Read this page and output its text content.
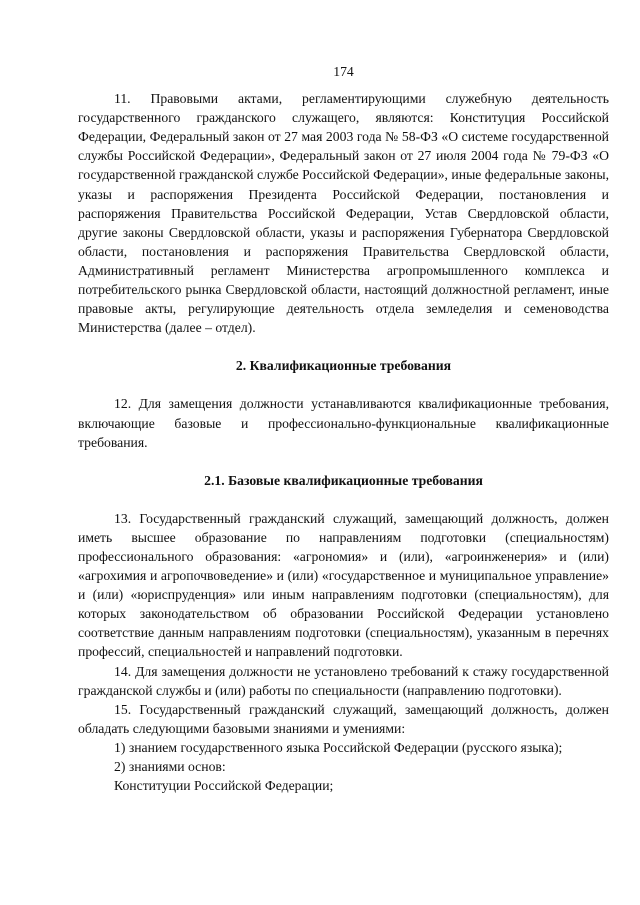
174

11. Правовыми актами, регламентирующими служебную деятельность государственного гражданского служащего, являются: Конституция Российской Федерации, Федеральный закон от 27 мая 2003 года № 58-ФЗ «О системе государственной службы Российской Федерации», Федеральный закон от 27 июля 2004 года № 79-ФЗ «О государственной гражданской службе Российской Федерации», иные федеральные законы, указы и распоряжения Президента Российской Федерации, постановления и распоряжения Правительства Российской Федерации, Устав Свердловской области, другие законы Свердловской области, указы и распоряжения Губернатора Свердловской области, постановления и распоряжения Правительства Свердловской области, Административный регламент Министерства агропромышленного комплекса и потребительского рынка Свердловской области, настоящий должностной регламент, иные правовые акты, регулирующие деятельность отдела земледелия и семеноводства Министерства (далее – отдел).

2. Квалификационные требования

12. Для замещения должности устанавливаются квалификационные требования, включающие базовые и профессионально-функциональные квалификационные требования.

2.1. Базовые квалификационные требования

13. Государственный гражданский служащий, замещающий должность, должен иметь высшее образование по направлениям подготовки (специальностям) профессионального образования: «агрономия» и (или), «агроинженерия» и (или) «агрохимия и агропочвоведение» и (или) «государственное и муниципальное управление» и (или) «юриспруденция» или иным направлениям подготовки (специальностям), для которых законодательством об образовании Российской Федерации установлено соответствие данным направлениям подготовки (специальностям), указанным в перечнях профессий, специальностей и направлений подготовки.

14. Для замещения должности не установлено требований к стажу государственной гражданской службы и (или) работы по специальности (направлению подготовки).

15. Государственный гражданский служащий, замещающий должность, должен обладать следующими базовыми знаниями и умениями:

1) знанием государственного языка Российской Федерации (русского языка);

2) знаниями основ:

Конституции Российской Федерации;
